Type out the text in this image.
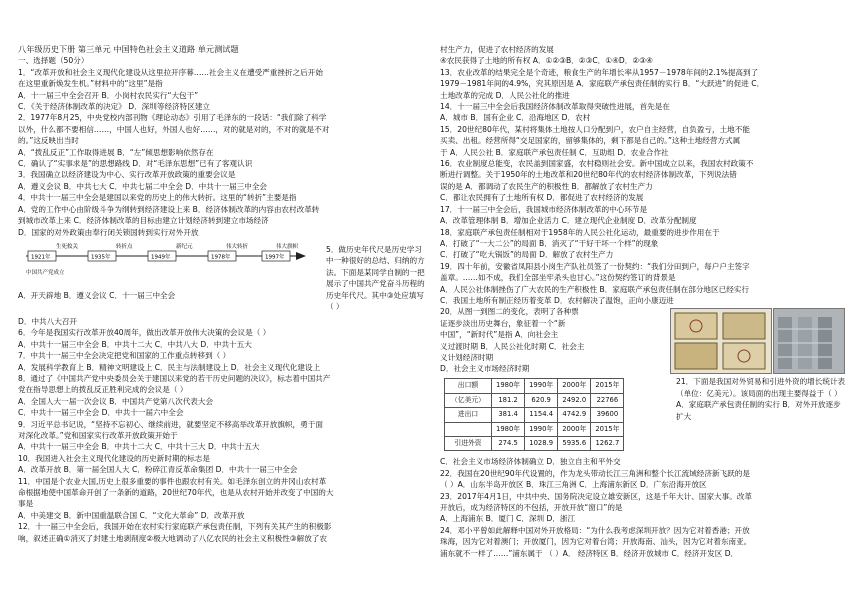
八年级历史下册 第三单元 中国特色社会主义道路 单元测试题
一、选择题（50分）
1．“改革开放和社会主义现代化建设从这里拉开序幕……社会主义在遭受严重挫折之后开始
在这里重新焕发生机。”材料中的“这里”是指
A．十一届三中全会召开 B．小岗村农民实行“大包干”
C．《关于经济体制改革的决定》 D．深圳等经济特区建立
2．1977年8月25，中央党校内部刊物《理论动态》引用了毛泽东的一段话：“我们除了科学
以外，什么都不要相信……，中国人也好，外国人也好……，对的就是对的，不对的就是不对
的。”这反映出当时
A．“拨乱反正”工作取得进展 B．“左”倾思想影响依然存在
C．确认了“实事求是”的思想路线 D．对“毛泽东思想”已有了客观认识
3．我国确立以经济建设为中心、实行改革开放政策的重要会议是
A．遵义会议 B．中共七大 C．中共七届二中全会 D．中共十一届三中全会
4．中共十一届三中全会是建国以来党的历史上的伟大转折。这里的“转折”主要是指
A．党的工作中心由阶级斗争为纲转到经济建设上来 B．经济体制改革的内容由农村改革转
到城市改革上来 C．经济体制改革的目标由建立计划经济转到建立市场经济
D．国家的对外政策由奉行闭关锁国转到实行对外开放
1921年	1935年	1949年	1978年	1997年
生死攸关	转折点	新纪元	伟大转折	伟大旗帜
中国共产党成立
5．做历史年代尺是历史学习中一种很好的总结、归纳的方法。下面是某同学自制的一把展示了中国共产党奋斗历程的历史年代尺。其中③处应填写（ ）
A．开天辟地 B．遵义会议 C．十一届三中全会
D．中共八大召开
6．今年是我国实行改革开放40周年，做出改革开放伟大决策的会议是（ ）
A．中共十一届三中全会 B．中共十二大 C．中共八大 D．中共十五大
7．中共十一届三中全会决定把党和国家的工作重点转移到（ ）
A．发展科学教育上 B．精神文明建设上 C．民主与法制建设上 D．社会主义现代化建设上
8．通过了《中国共产党中央委员会关于建国以来党的若干历史问题的决议》，标志着中国共产
党在指导思想上的拨乱反正胜利完成的会议是（ ）
A．全国人大一届一次会议 B．中国共产党第八次代表大会
C．中共十一届三中全会 D．中共十一届六中全会
9．习近平总书记说，“坚持不忘初心、继续前进，就要坚定不移高举改革开放旗帜，勇于面
对深化改革。”党和国家实行改革开放政策开始于
A．中共十一届三中全会 B．中共十二大 C．中共十三大 D．中共十五大
10．我国进入社会主义现代化建设的历史新时期的标志是
A．改革开放 B．第一届全国人大 C．粉碎江青反革命集团 D．中共十一届三中全会
11．中国是个农业大国,历史上很多重要的事件也跟农村有关。如毛泽东创立的井冈山农村革
命根据地使中国革命开创了一条新的道路，20世纪70年代，也是从农村开始并改变了中国的大
事是
A．中美建交 B．新中国重温联合国 C．“文化大革命” D．改革开放
12．十一届三中全会后，我国开始在农村实行家庭联产承包责任制，下列有关其产生的积极影
响，叙述正确①消灭了封建土地剥削度②极大地调动了八亿农民的社会主义积极性③解放了农
村生产力，促进了农村经济的发展
④农民获得了土地的所有权 A．①②③B．②③C．①④D．②③④
13．农业改革的结果完全是个奇迹，粮食生产的年增长率从1957－1978年间的2.1%提高到了
1979－1981年间的4.9%，究其原因是 A．家庭联产承包责任制的实行 B．“大跃进”的促进 C．
土地改革的完成 D．人民公社化的推进
14．十一届三中全会后我国经济体制改革取得突破性进展，首先是在
A．城市 B．国有企业 C．沿海地区 D．农村
15．20世纪80年代，某村将集体土地按人口分配到户，农户自主经营，自负盈亏，土地不能
买卖、出租。经营所得“交足国家的，留够集体的，剩下都是自己的。”这种土地经营方式属
于 A．人民公社 B．家庭联产承包责任制 C．互助组 D．农业合作社
16．农业制度总能变，农民盖到国家盛，农村稳则社会安。新中国成立以来，我国农村政策不
断进行调整。关于1950年的土地改革和20世纪80年代的农村经济体制改革，下列说法错
误的是 A．都调动了农民生产的积极性 B．都解放了农村生产力
C．都让农民拥有了土地所有权 D．都促进了农村经济的发展
17．十一届三中全会后，我国城市经济体制改革的中心环节是
A．改革管理体制 B．增加企业活力 C．建立现代企业制度 D．改革分配制度
18．家庭联产承包责任制相对于1958年的人民公社化运动，最重要的进步作用在于
A．打破了“一大二公”的局面 B．消灭了“干好干坏一个样”的现象
C．打破了“吃大锅饭”的局面 D．解放了农村生产力
19．四十年前，安徽省凤阳县小岗生产队社员签了一份契约：“我们分田到户，每户户主签字
盖章。……如不成，我们全部坐牢杀头也甘心。”这份契约签订的背景是
A．人民公社体制挫伤了广大农民的生产积极性 B．家庭联产承包责任制在部分地区已经实行
C．我国土地所有制正经历着变革 D．农村解决了温饱，正向小康迈进
20．从图一到图二的变化，表明了各种票
证逐步淡出历史舞台，象征着一个“新
中国”，“新时代”是指 A．向社会主
义过渡时期 B．人民公社化时期 C．社会主
义计划经济时期
D．社会主义市场经济时期
出口额	1980年	1990年	2000年	2015年
（亿美元）	181.2	620.9	2492.0	22766
进出口	381.4	1154.4	4742.9	39600
	1980年	1990年	2000年	2015年
引进外资	274.5	1028.9	5935.6	1262.7
21．下面是我国对外贸易和引进外资的增长统计表（单位：亿美元）。该局面的出现主要得益于（ ）A．家庭联产承包责任制的实行 B．对外开放逐步扩大
C．社会主义市场经济体制确立 D．独立自主和平外交
22．我国在20世纪90年代设置的，作为龙头带动长江三角洲和整个长江流域经济新飞跃的是
（ ）A．山东半岛开放区 B．珠江三角洲 C．上海浦东新区 D．广东沿海开放区
23．2017年4月1日，中共中央、国务院决定设立雄安新区，这是千年大计、国家大事。改革
开放后，成为经济特区的不包括，开放开放“窗口”的是
A．上海浦东 B．厦门 C．深圳 D．浙江
24．邓小平曾如此解释中国对外开放格局：“为什么我考虑深圳开放？因为它对着香港；开放
珠海，因为它对着澳门；开放厦门，因为它对着台湾；开放海南、汕头，因为它对着东南亚。
浦东就不一样了……”浦东属于 （ ）A． 经济特区 B．经济开放城市 C．经济开发区 D．
